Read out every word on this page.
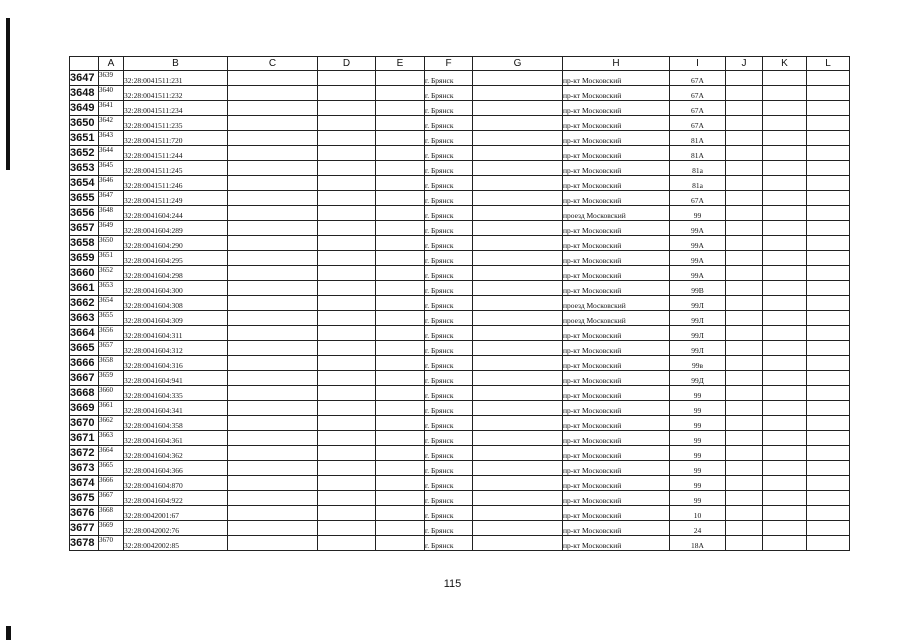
	A	B	C	D	E	F	G	H	I	J	K	L
3647	3639	32:28:0041511:231				г. Брянск		пр-кт Московский	67А			
3648	3640	32:28:0041511:232				г. Брянск		пр-кт Московский	67А			
3649	3641	32:28:0041511:234				г. Брянск		пр-кт Московский	67А			
3650	3642	32:28:0041511:235				г. Брянск		пр-кт Московский	67А			
3651	3643	32:28:0041511:720				г. Брянск		пр-кт Московский	81А			
3652	3644	32:28:0041511:244				г. Брянск		пр-кт Московский	81А			
3653	3645	32:28:0041511:245				г. Брянск		пр-кт Московский	81а			
3654	3646	32:28:0041511:246				г. Брянск		пр-кт Московский	81а			
3655	3647	32:28:0041511:249				г. Брянск		пр-кт Московский	67А			
3656	3648	32:28:0041604:244				г. Брянск		проезд Московский	99			
3657	3649	32:28:0041604:289				г. Брянск		пр-кт Московский	99А			
3658	3650	32:28:0041604:290				г. Брянск		пр-кт Московский	99А			
3659	3651	32:28:0041604:295				г. Брянск		пр-кт Московский	99А			
3660	3652	32:28:0041604:298				г. Брянск		пр-кт Московский	99А			
3661	3653	32:28:0041604:300				г. Брянск		пр-кт Московский	99В			
3662	3654	32:28:0041604:308				г. Брянск		проезд Московский	99Л			
3663	3655	32:28:0041604:309				г. Брянск		проезд Московский	99Л			
3664	3656	32:28:0041604:311				г. Брянск		пр-кт Московский	99Л			
3665	3657	32:28:0041604:312				г. Брянск		пр-кт Московский	99Л			
3666	3658	32:28:0041604:316				г. Брянск		пр-кт Московский	99в			
3667	3659	32:28:0041604:941				г. Брянск		пр-кт Московский	99Д			
3668	3660	32:28:0041604:335				г. Брянск		пр-кт Московский	99			
3669	3661	32:28:0041604:341				г. Брянск		пр-кт Московский	99			
3670	3662	32:28:0041604:358				г. Брянск		пр-кт Московский	99			
3671	3663	32:28:0041604:361				г. Брянск		пр-кт Московский	99			
3672	3664	32:28:0041604:362				г. Брянск		пр-кт Московский	99			
3673	3665	32:28:0041604:366				г. Брянск		пр-кт Московский	99			
3674	3666	32:28:0041604:870				г. Брянск		пр-кт Московский	99			
3675	3667	32:28:0041604:922				г. Брянск		пр-кт Московский	99			
3676	3668	32:28:0042001:67				г. Брянск		пр-кт Московский	10			
3677	3669	32:28:0042002:76				г. Брянск		пр-кт Московский	24			
3678	3670	32:28:0042002:85				г. Брянск		пр-кт Московский	18А			
115
